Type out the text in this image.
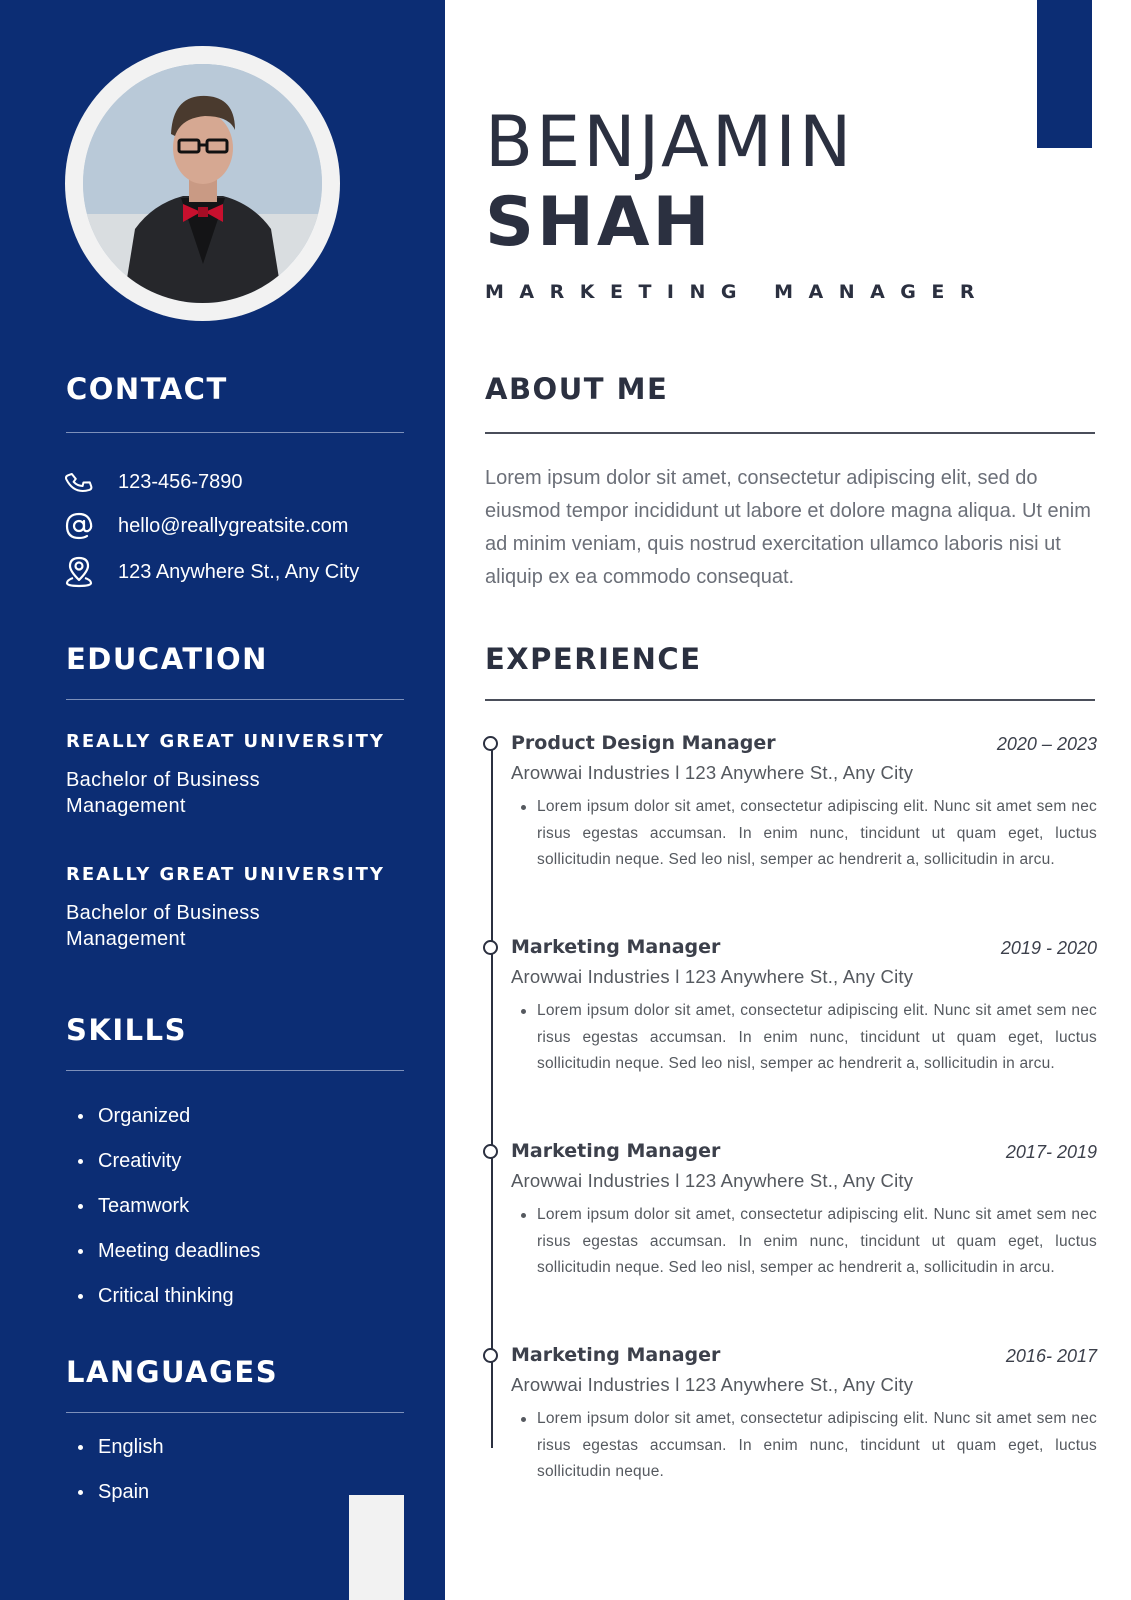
CONTACT
123-456-7890
hello@reallygreatsite.com
123 Anywhere St., Any City
EDUCATION
REALLY GREAT UNIVERSITY
Bachelor of Business Management
REALLY GREAT UNIVERSITY
Bachelor of Business Management
SKILLS
Organized
Creativity
Teamwork
Meeting deadlines
Critical thinking
LANGUAGES
English
Spain
BENJAMIN
SHAH
MARKETING MANAGER
ABOUT ME

Lorem ipsum dolor sit amet, consectetur adipiscing elit, sed do eiusmod tempor incididunt ut labore et dolore magna aliqua. Ut enim ad minim veniam, quis nostrud exercitation ullamco laboris nisi ut aliquip ex ea commodo consequat.

EXPERIENCE
Product Design Manager	2020 – 2023
Arowwai Industries l 123 Anywhere St., Any City

Lorem ipsum dolor sit amet, consectetur adipiscing elit. Nunc sit amet sem nec risus egestas accumsan. In enim nunc, tincidunt ut quam eget, luctus sollicitudin neque. Sed leo nisl, semper ac hendrerit a, sollicitudin in arcu.

Marketing Manager	2019 - 2020
Arowwai Industries l 123 Anywhere St., Any City

Lorem ipsum dolor sit amet, consectetur adipiscing elit. Nunc sit amet sem nec risus egestas accumsan. In enim nunc, tincidunt ut quam eget, luctus sollicitudin neque. Sed leo nisl, semper ac hendrerit a, sollicitudin in arcu.

Marketing Manager	2017- 2019
Arowwai Industries l 123 Anywhere St., Any City

Lorem ipsum dolor sit amet, consectetur adipiscing elit. Nunc sit amet sem nec risus egestas accumsan. In enim nunc, tincidunt ut quam eget, luctus sollicitudin neque. Sed leo nisl, semper ac hendrerit a, sollicitudin in arcu.

Marketing Manager	2016- 2017
Arowwai Industries l 123 Anywhere St., Any City

Lorem ipsum dolor sit amet, consectetur adipiscing elit. Nunc sit amet sem nec risus egestas accumsan. In enim nunc, tincidunt ut quam eget, luctus sollicitudin neque.
